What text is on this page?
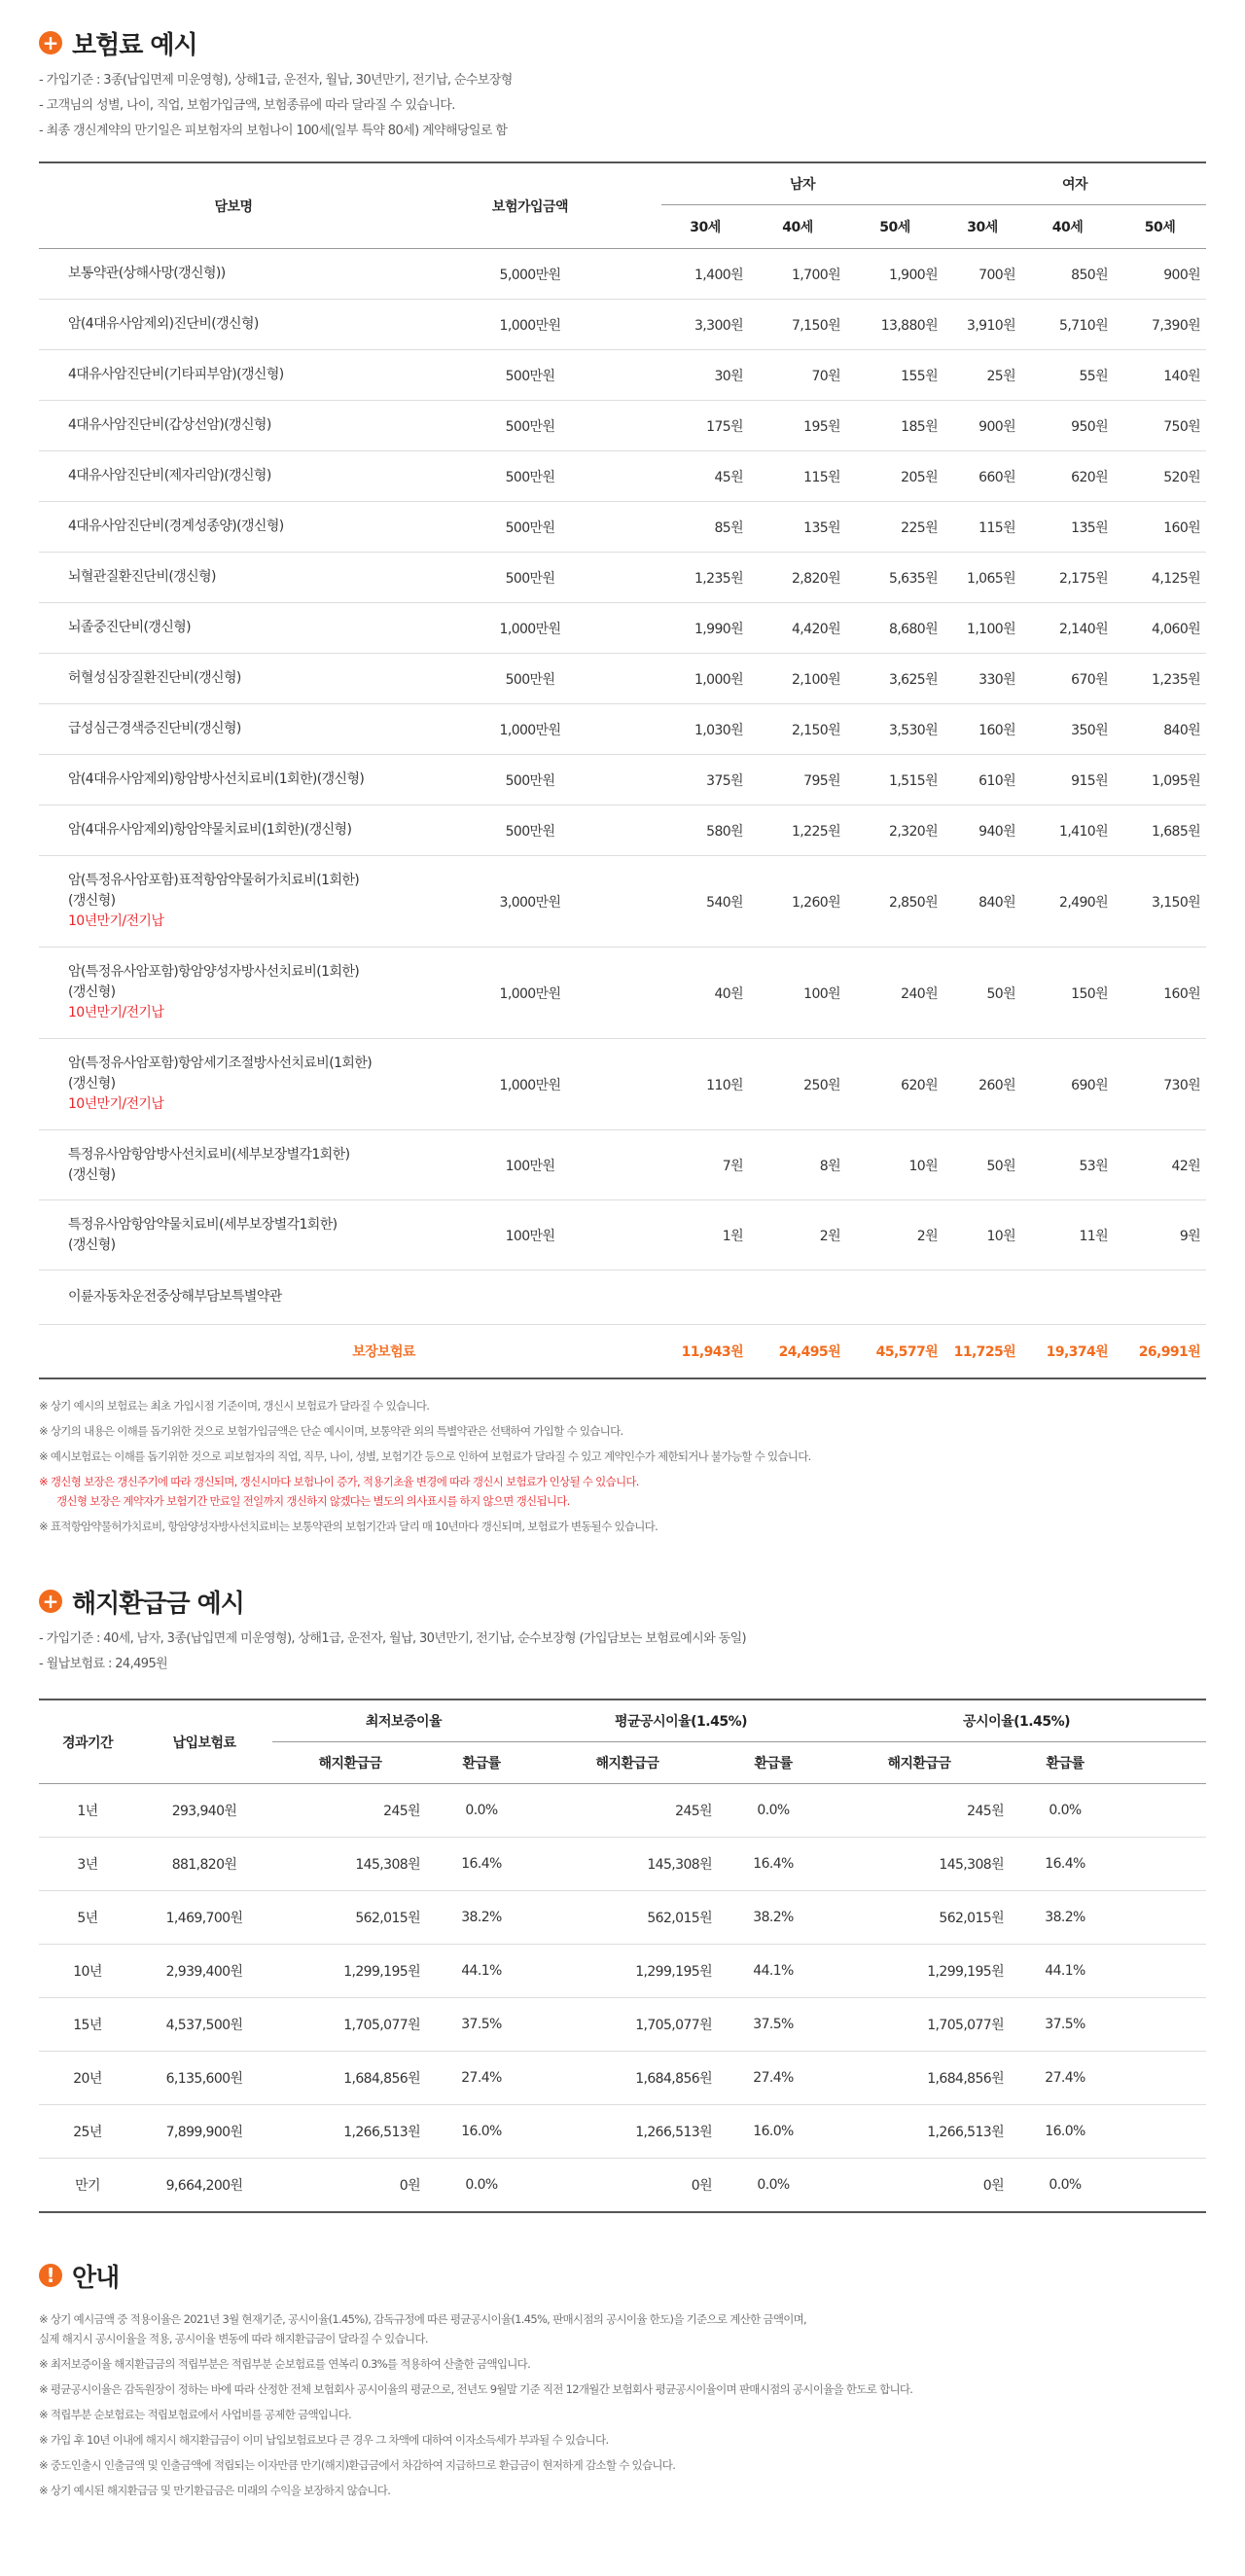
+ 보험료 예시
- 가입기준 : 3종(납입면제 미운영형), 상해1급, 운전자, 월납, 30년만기, 전기납, 순수보장형
- 고객님의 성별, 나이, 직업, 보험가입금액, 보험종류에 따라 달라질 수 있습니다.
- 최종 갱신계약의 만기일은 피보험자의 보험나이 100세(일부 특약 80세) 계약해당일로 함
담보명	보험가입금액		남자			여자		
			30세	40세	50세	30세	40세	50세

보통약관(상해사망(갱신형))	5,000만원		1,400원	1,700원	1,900원	700원	850원	900원

암(4대유사암제외)진단비(갱신형)	1,000만원		3,300원	7,150원	13,880원	3,910원	5,710원	7,390원

4대유사암진단비(기타피부암)(갱신형)	500만원		30원	70원	155원	25원	55원	140원

4대유사암진단비(갑상선암)(갱신형)	500만원		175원	195원	185원	900원	950원	750원

4대유사암진단비(제자리암)(갱신형)	500만원		45원	115원	205원	660원	620원	520원

4대유사암진단비(경계성종양)(갱신형)	500만원		85원	135원	225원	115원	135원	160원

뇌혈관질환진단비(갱신형)	500만원		1,235원	2,820원	5,635원	1,065원	2,175원	4,125원

뇌졸중진단비(갱신형)	1,000만원		1,990원	4,420원	8,680원	1,100원	2,140원	4,060원

허혈성심장질환진단비(갱신형)	500만원		1,000원	2,100원	3,625원	330원	670원	1,235원

급성심근경색증진단비(갱신형)	1,000만원		1,030원	2,150원	3,530원	160원	350원	840원

암(4대유사암제외)항암방사선치료비(1회한)(갱신형)	500만원		375원	795원	1,515원	610원	915원	1,095원

암(4대유사암제외)항암약물치료비(1회한)(갱신형)	500만원		580원	1,225원	2,320원	940원	1,410원	1,685원

암(특정유사암포함)표적항암약물허가치료비(1회한)
(갱신형)
10년만기/전기납	3,000만원		540원	1,260원	2,850원	840원	2,490원	3,150원

암(특정유사암포함)항암양성자방사선치료비(1회한)
(갱신형)
10년만기/전기납	1,000만원		40원	100원	240원	50원	150원	160원

암(특정유사암포함)항암세기조절방사선치료비(1회한)
(갱신형)
10년만기/전기납	1,000만원		110원	250원	620원	260원	690원	730원

특정유사암항암방사선치료비(세부보장별각1회한)
(갱신형)	100만원		7원	8원	10원	50원	53원	42원

특정유사암항암약물치료비(세부보장별각1회한)
(갱신형)	100만원		1원	2원	2원	10원	11원	9원

이륜자동차운전중상해부담보특별약관								

보장보험료			11,943원	24,495원	45,577원	11,725원	19,374원	26,991원
※ 상기 예시의 보험료는 최초 가입시점 기준이며, 갱신시 보험료가 달라질 수 있습니다.
※ 상기의 내용은 이해를 돕기위한 것으로 보험가입금액은 단순 예시이며, 보통약관 외의 특별약관은 선택하여 가입할 수 있습니다.
※ 예시보험료는 이해를 돕기위한 것으로 피보험자의 직업, 직무, 나이, 성별, 보험기간 등으로 인하여 보험료가 달라질 수 있고 계약인수가 제한되거나 불가능할 수 있습니다.
※ 갱신형 보장은 갱신주기에 따라 갱신되며, 갱신시마다 보험나이 증가, 적용기초율 변경에 따라 갱신시 보험료가 인상될 수 있습니다.
갱신형 보장은 계약자가 보험기간 만료일 전일까지 갱신하지 않겠다는 별도의 의사표시를 하지 않으면 갱신됩니다.
※ 표적항암약물허가치료비, 항암양성자방사선치료비는 보통약관의 보험기간과 달리 매 10년마다 갱신되며, 보험료가 변동될수 있습니다.
+ 해지환급금 예시
- 가입기준 : 40세, 남자, 3종(납입면제 미운영형), 상해1급, 운전자, 월납, 30년만기, 전기납, 순수보장형 (가입담보는 보험료예시와 동일)
- 월납보험료 : 24,495원
경과기간	납입보험료	최저보증이율		평균공시이율(1.45%)		공시이율(1.45%)		
		해지환급금	환급률	해지환급금	환급률	해지환급금	환급률	
1년	293,940원	245원	0.0%	245원	0.0%	245원	0.0%	
3년	881,820원	145,308원	16.4%	145,308원	16.4%	145,308원	16.4%	
5년	1,469,700원	562,015원	38.2%	562,015원	38.2%	562,015원	38.2%	
10년	2,939,400원	1,299,195원	44.1%	1,299,195원	44.1%	1,299,195원	44.1%	
15년	4,537,500원	1,705,077원	37.5%	1,705,077원	37.5%	1,705,077원	37.5%	
20년	6,135,600원	1,684,856원	27.4%	1,684,856원	27.4%	1,684,856원	27.4%	
25년	7,899,900원	1,266,513원	16.0%	1,266,513원	16.0%	1,266,513원	16.0%	
만기	9,664,200원	0원	0.0%	0원	0.0%	0원	0.0%	
! 안내
※ 상기 예시금액 중 적용이율은 2021년 3월 현재기준, 공시이율(1.45%), 감독규정에 따른 평균공시이율(1.45%, 판매시점의 공시이율 한도)을 기준으로 계산한 금액이며,
실제 해지시 공시이율을 적용, 공시이율 변동에 따라 해지환급금이 달라질 수 있습니다.
※ 최저보증이율 해지환급금의 적립부분은 적립부분 순보험료를 연복리 0.3%를 적용하여 산출한 금액입니다.
※ 평균공시이율은 감독원장이 정하는 바에 따라 산정한 전체 보험회사 공시이율의 평균으로, 전년도 9월말 기준 직전 12개월간 보험회사 평균공시이율이며 판매시점의 공시이율을 한도로 합니다.
※ 적립부분 순보험료는 적립보험료에서 사업비를 공제한 금액입니다.
※ 가입 후 10년 이내에 해지시 해지환급금이 이미 납입보험료보다 큰 경우 그 차액에 대하여 이자소득세가 부과될 수 있습니다.
※ 중도인출시 인출금액 및 인출금액에 적립되는 이자만큼 만기(해지)환급금에서 차감하여 지급하므로 환급금이 현저하게 감소할 수 있습니다.
※ 상기 예시된 해지환급금 및 만기환급금은 미래의 수익을 보장하지 않습니다.
